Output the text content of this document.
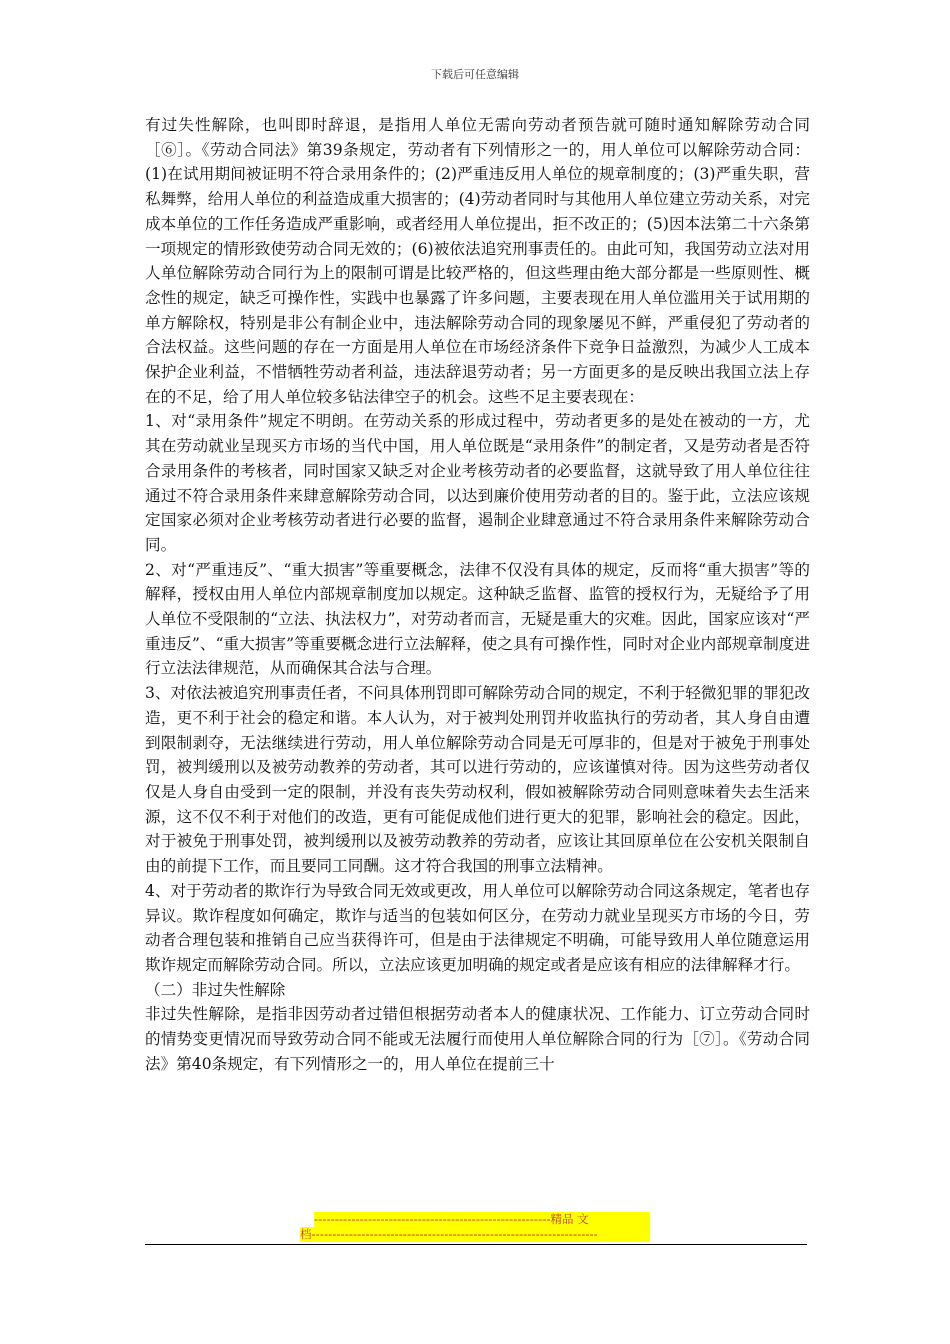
下载后可任意编辑

有过失性解除，也叫即时辞退，是指用人单位无需向劳动者预告就可随时通知解除劳动合同［⑥］。《劳动合同法》第39条规定，劳动者有下列情形之一的，用人单位可以解除劳动合同：(1)在试用期间被证明不符合录用条件的；(2)严重违反用人单位的规章制度的；(3)严重失职，营私舞弊，给用人单位的利益造成重大损害的；(4)劳动者同时与其他用人单位建立劳动关系，对完成本单位的工作任务造成严重影响，或者经用人单位提出，拒不改正的；(5)因本法第二十六条第一项规定的情形致使劳动合同无效的；(6)被依法追究刑事责任的。由此可知，我国劳动立法对用人单位解除劳动合同行为上的限制可谓是比较严格的，但这些理由绝大部分都是一些原则性、概念性的规定，缺乏可操作性，实践中也暴露了许多问题，主要表现在用人单位滥用关于试用期的单方解除权，特别是非公有制企业中，违法解除劳动合同的现象屡见不鲜，严重侵犯了劳动者的合法权益。这些问题的存在一方面是用人单位在市场经济条件下竞争日益激烈，为减少人工成本保护企业利益，不惜牺牲劳动者利益，违法辞退劳动者；另一方面更多的是反映出我国立法上存在的不足，给了用人单位较多钻法律空子的机会。这些不足主要表现在：

1、对“录用条件”规定不明朗。在劳动关系的形成过程中，劳动者更多的是处在被动的一方，尤其在劳动就业呈现买方市场的当代中国，用人单位既是“录用条件”的制定者，又是劳动者是否符合录用条件的考核者，同时国家又缺乏对企业考核劳动者的必要监督，这就导致了用人单位往往通过不符合录用条件来肆意解除劳动合同，以达到廉价使用劳动者的目的。鉴于此，立法应该规定国家必须对企业考核劳动者进行必要的监督，遏制企业肆意通过不符合录用条件来解除劳动合同。

2、对“严重违反”、“重大损害”等重要概念，法律不仅没有具体的规定，反而将“重大损害”等的解释，授权由用人单位内部规章制度加以规定。这种缺乏监督、监管的授权行为，无疑给予了用人单位不受限制的“立法、执法权力”，对劳动者而言，无疑是重大的灾难。因此，国家应该对“严重违反”、“重大损害”等重要概念进行立法解释，使之具有可操作性，同时对企业内部规章制度进行立法法律规范，从而确保其合法与合理。

3、对依法被追究刑事责任者，不问具体刑罚即可解除劳动合同的规定，不利于轻微犯罪的罪犯改造，更不利于社会的稳定和谐。本人认为，对于被判处刑罚并收监执行的劳动者，其人身自由遭到限制剥夺，无法继续进行劳动，用人单位解除劳动合同是无可厚非的，但是对于被免于刑事处罚，被判缓刑以及被劳动教养的劳动者，其可以进行劳动的，应该谨慎对待。因为这些劳动者仅仅是人身自由受到一定的限制，并没有丧失劳动权利，假如被解除劳动合同则意味着失去生活来源，这不仅不利于对他们的改造，更有可能促成他们进行更大的犯罪，影响社会的稳定。因此，对于被免于刑事处罚，被判缓刑以及被劳动教养的劳动者，应该让其回原单位在公安机关限制自由的前提下工作，而且要同工同酬。这才符合我国的刑事立法精神。

4、对于劳动者的欺诈行为导致合同无效或更改，用人单位可以解除劳动合同这条规定，笔者也存异议。欺诈程度如何确定，欺诈与适当的包装如何区分，在劳动力就业呈现买方市场的今日，劳动者合理包装和推销自己应当获得许可，但是由于法律规定不明确，可能导致用人单位随意运用欺诈规定而解除劳动合同。所以，立法应该更加明确的规定或者是应该有相应的法律解释才行。

（二）非过失性解除

非过失性解除，是指非因劳动者过错但根据劳动者本人的健康状况、工作能力、订立劳动合同时的情势变更情况而导致劳动合同不能或无法履行而使用人单位解除合同的行为［⑦］。《劳动合同法》第40条规定，有下列情形之一的，用人单位在提前三十

---------------------------------------------------------精品 文
档---------------------------------------------------------------------
